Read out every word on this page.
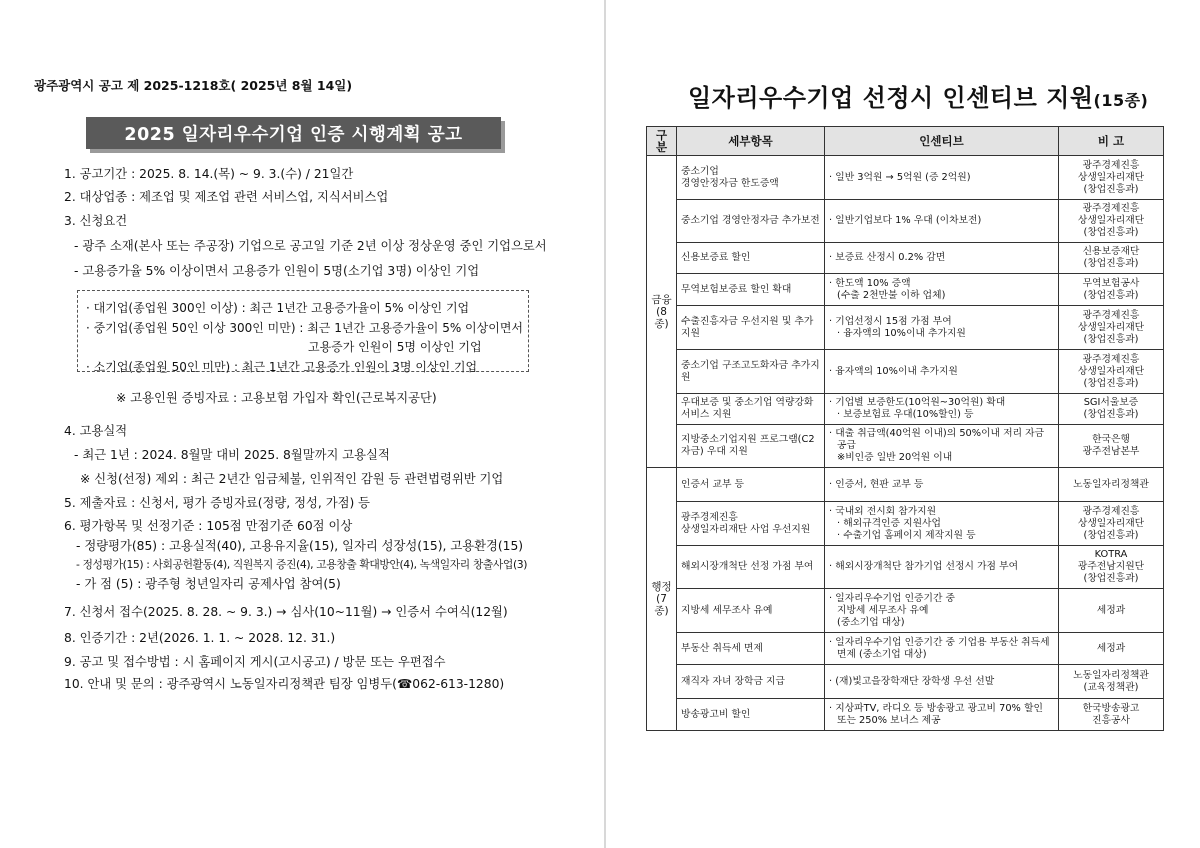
광주광역시 공고 제 2025-1218호( 2025년 8월 14일)
2025 일자리우수기업 인증 시행계획 공고
1. 공고기간 : 2025. 8. 14.(목) ~ 9. 3.(수) / 21일간
2. 대상업종 : 제조업 및 제조업 관련 서비스업, 지식서비스업
3. 신청요건
- 광주 소재(본사 또는 주공장) 기업으로 공고일 기준 2년 이상 정상운영 중인 기업으로서
- 고용증가율 5% 이상이면서 고용증가 인원이 5명(소기업 3명) 이상인 기업
· 대기업(종업원 300인 이상) : 최근 1년간 고용증가율이 5% 이상인 기업
· 중기업(종업원 50인 이상 300인 미만) : 최근 1년간 고용증가율이 5% 이상이면서
고용증가 인원이 5명 이상인 기업
· 소기업(종업원 50인 미만) : 최근 1년간 고용증가 인원이 3명 이상인 기업
※ 고용인원 증빙자료 : 고용보험 가입자 확인(근로복지공단)
4. 고용실적
- 최근 1년 : 2024. 8월말 대비 2025. 8월말까지 고용실적
※ 신청(선정) 제외 : 최근 2년간 임금체불, 인위적인 감원 등 관련법령위반 기업
5. 제출자료 : 신청서, 평가 증빙자료(정량, 정성, 가점) 등
6. 평가항목 및 선정기준 : 105점 만점기준 60점 이상
- 정량평가(85) : 고용실적(40), 고용유지율(15), 일자리 성장성(15), 고용환경(15)
- 정성평가(15) : 사회공헌활동(4), 직원복지 증진(4), 고용창출 확대방안(4), 녹색일자리 창출사업(3)
- 가 점 (5) : 광주형 청년일자리 공제사업 참여(5)
7. 신청서 접수(2025. 8. 28. ~ 9. 3.) → 심사(10~11월) → 인증서 수여식(12월)
8. 인증기간 : 2년(2026. 1. 1. ~ 2028. 12. 31.)
9. 공고 및 접수방법 : 시 홈페이지 게시(고시공고) / 방문 또는 우편접수
10. 안내 및 문의 : 광주광역시 노동일자리정책관 팀장 임병두(☎062-613-1280)
일자리우수기업 선정시 인센티브 지원(15종)
구분	세부항목	인센티브	비 고
금융
(8종)	중소기업
경영안정자금 한도증액	· 일반 3억원 → 5억원 (증 2억원)	광주경제진흥
상생일자리재단
(창업진흥과)
	중소기업 경영안정자금 추가보전	· 일반기업보다 1% 우대 (이차보전)	광주경제진흥
상생일자리재단
(창업진흥과)
	신용보증료 할인	· 보증료 산정시 0.2% 감면	신용보증재단
(창업진흥과)
	무역보험보증료 할인 확대	· 한도액 10% 증액
(수출 2천만불 이하 업체)	무역보험공사
(창업진흥과)
	수출진흥자금 우선지원 및 추가지원	· 기업선정시 15점 가점 부여
· 융자액의 10%이내 추가지원	광주경제진흥
상생일자리재단
(창업진흥과)
	중소기업 구조고도화자금 추가지원	· 융자액의 10%이내 추가지원	광주경제진흥
상생일자리재단
(창업진흥과)
	우대보증 및 중소기업 역량강화서비스 지원	· 기업별 보증한도(10억원~30억원) 확대
· 보증보험료 우대(10%할인) 등	SGI서울보증
(창업진흥과)
	지방중소기업지원 프로그램(C2자금) 우대 지원	· 대출 취급액(40억원 이내)의 50%이내 저리 자금 공급
※비인증 일반 20억원 이내	한국은행
광주전남본부
행정
(7종)	인증서 교부 등	· 인증서, 현판 교부 등	노동일자리정책관
	광주경제진흥
상생일자리재단 사업 우선지원	· 국내외 전시회 참가지원
· 해외규격인증 지원사업
· 수출기업 홈페이지 제작지원 등	광주경제진흥
상생일자리재단
(창업진흥과)
	해외시장개척단 선정 가점 부여	· 해외시장개척단 참가기업 선정시 가점 부여	KOTRA
광주전남지원단
(창업진흥과)
	지방세 세무조사 유예	· 일자리우수기업 인증기간 중
지방세 세무조사 유예
(중소기업 대상)	세정과
	부동산 취득세 면제	· 일자리우수기업 인증기간 중 기업용 부동산 취득세 면제 (중소기업 대상)	세정과
	재직자 자녀 장학금 지급	· (재)빛고을장학재단 장학생 우선 선발	노동일자리정책관
(교육정책관)
	방송광고비 할인	· 지상파TV, 라디오 등 방송광고 광고비 70% 할인 또는 250% 보너스 제공	한국방송광고
진흥공사
